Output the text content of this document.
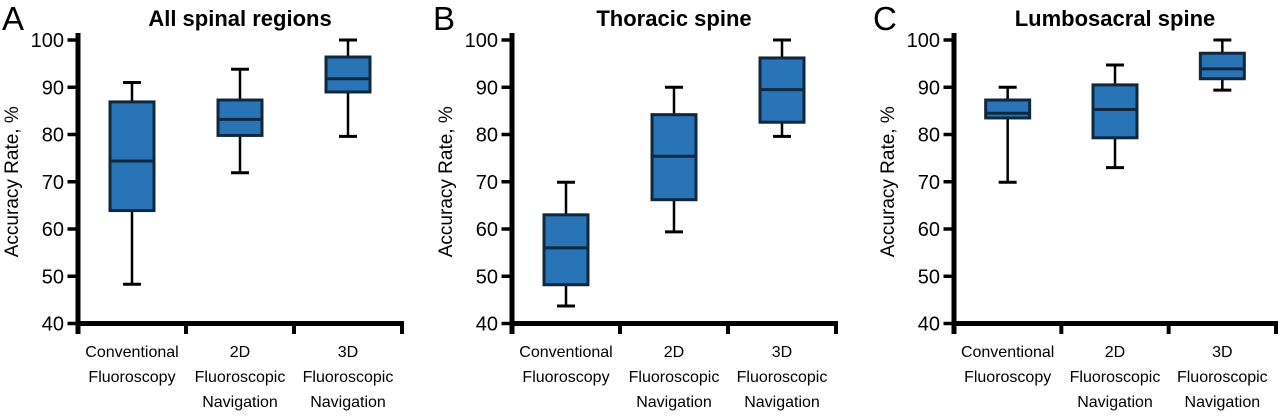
A	All spinal regions
Accuracy Rate, %
40
50
60
70
80
90
100
Conventional
Fluoroscopy
2D
Fluoroscopic
Navigation
3D
Fluoroscopic
Navigation
B	Thoracic spine
Accuracy Rate, %
40
50
60
70
80
90
100
Conventional
Fluoroscopy
2D
Fluoroscopic
Navigation
3D
Fluoroscopic
Navigation
C	Lumbosacral spine
Accuracy Rate, %
40
50
60
70
80
90
100
Conventional
Fluoroscopy
2D
Fluoroscopic
Navigation
3D
Fluoroscopic
Navigation
